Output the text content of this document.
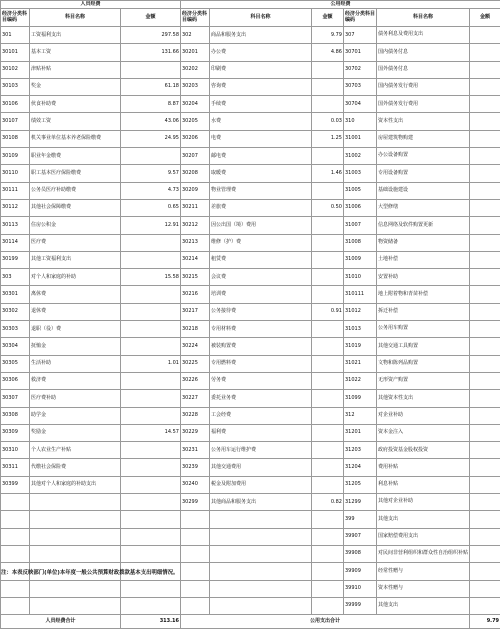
人员经费			公用经费					
经济分类科目编码	科目名称	金额	经济分类科目编码	科目名称	金额	经济分类科目编码	科目名称	金额
301	工资福利支出	297.58	302	商品和服务支出	9.79	307	债务利息及费用支出	
30101	基本工资	131.66	30201	办公费	4.86	30701	国内债务付息	
30102	津贴补贴		30202	印刷费		30702	国外债务付息	
30103	奖金	61.18	30203	咨询费		30703	国内债务发行费用	
30106	伙食补助费	8.87	30204	手续费		30704	国外债务发行费用	
30107	绩效工资	43.06	30205	水费	0.03	310	资本性支出	
30108	机关事业单位基本养老保险缴费	24.95	30206	电费	1.25	31001	房屋建筑物购建	
30109	职业年金缴费		30207	邮电费		31002	办公设备购置	
30110	职工基本医疗保险缴费	9.57	30208	取暖费	1.46	31003	专用设备购置	
30111	公务员医疗补助缴费	4.73	30209	物业管理费		31005	基础设施建设	
30112	其他社会保障缴费	0.65	30211	差旅费	0.50	31006	大型修缮	
30113	住房公积金	12.91	30212	因公出国（境）费用		31007	信息网络及软件购置更新	
30114	医疗费		30213	维修（护）费		31008	物资储备	
30199	其他工资福利支出		30214	租赁费		31009	土地补偿	
303	对个人和家庭的补助	15.58	30215	会议费		31010	安置补助	
30301	离休费		30216	培训费		310111	地上附着物和青苗补偿	
30302	退休费		30217	公务接待费	0.91	31012	拆迁补偿	
30303	退职（役）费		30218	专用材料费		31013	公务用车购置	
30304	抚恤金		30224	被装购置费		31019	其他交通工具购置	
30305	生活补助	1.01	30225	专用燃料费		31021	文物和陈列品购置	
30306	救济费		30226	劳务费		31022	无形资产购置	
30307	医疗费补助		30227	委托业务费		31099	其他资本性支出	
30308	助学金		30228	工会经费		312	对企业补助	
30309	奖励金	14.57	30229	福利费		31201	资本金注入	
30310	个人农业生产补贴		30231	公务用车运行维护费		31203	政府投资基金股权投资	
30311	代缴社会保险费		30239	其他交通费用		31204	费用补贴	
30399	其他对个人和家庭的补助支出		30240	税金及附加费用		31205	利息补贴	
			30299	其他商品和服务支出	0.82	31299	其他对企业补助	
						399	其他支出	
						39907	国家赔偿费用支出	
						39908	对民间非营利组织和群众性自治组织补贴	
						39909	经常性赠与	
						39910	资本性赠与	
						39999	其他支出	
人员经费合计		313.16	公用支出合计					9.79
注：本表反映部门(单位)本年度一般公共预算财政拨款基本支出明细情况。
